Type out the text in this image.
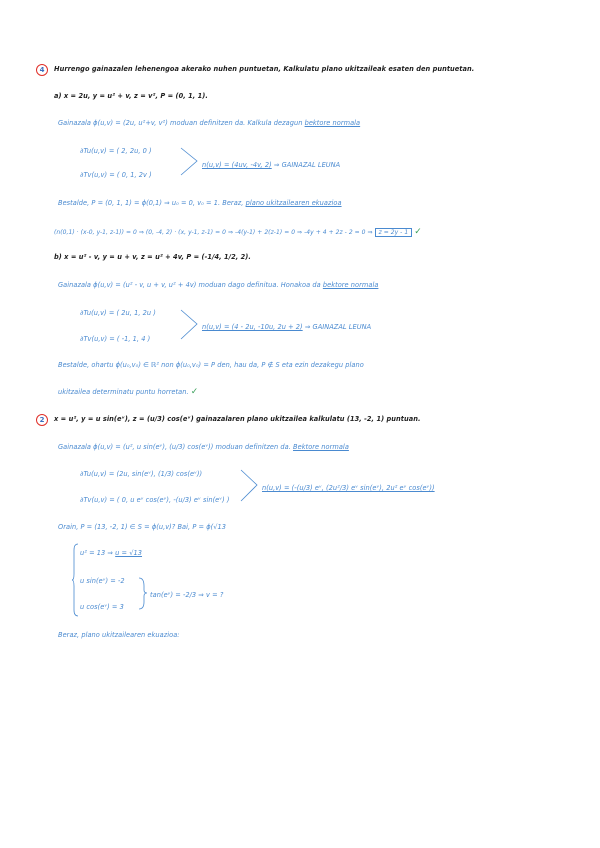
4	Hurrengo gainazalen lehenengoa akerako nuhen puntuetan, Kalkulatu plano ukitzaileak esaten den puntuetan.
a) x = 2u, y = u² + v, z = v², P = (0, 1, 1).
Gainazala ϕ(u,v) = (2u, u²+v, v²) moduan definitzen da. Kalkula dezagun bektore normala
∂Tu(u,v) = ( 2, 2u, 0 )
∂Tv(u,v) = ( 0, 1, 2v )
n(u,v) = (4uv, -4v, 2) ⇒ GAINAZAL LEUNA
Bestalde, P = (0, 1, 1) = ϕ(0,1) ⇒ u₀ = 0, v₀ = 1. Beraz, plano ukitzailearen ekuazioa
(n(0,1) · (x-0, y-1, z-1)) = 0 ⇒ (0, -4, 2) · (x, y-1, z-1) = 0 ⇒ -4(y-1) + 2(z-1) = 0 ⇒ -4y + 4 + 2z - 2 = 0 ⇒ z = 2y - 1 ✓
b) x = u² - v, y = u + v, z = u² + 4v, P = (-1/4, 1/2, 2).
Gainazala ϕ(u,v) = (u² - v, u + v, u² + 4v) moduan dago definitua. Honakoa da bektore normala
∂Tu(u,v) = ( 2u, 1, 2u )
∂Tv(u,v) = ( -1, 1, 4 )
n(u,v) = (4 - 2u, -10u, 2u + 2) ⇒ GAINAZAL LEUNA
Bestalde, ohartu ϕ(u₀,v₀) ∈ ℝ² non ϕ(u₀,v₀) = P den, hau da, P ∉ S eta ezin dezakegu plano
ukitzailea determinatu puntu horretan. ✓
2	x = u², y = u sin(eᵛ), z = (u/3) cos(eᵛ) gainazalaren plano ukitzailea kalkulatu (13, -2, 1) puntuan.
Gainazala ϕ(u,v) = (u², u sin(eᵛ), (u/3) cos(eᵛ)) moduan definitzen da. Bektore normala
∂Tu(u,v) = (2u, sin(eᵛ), (1/3) cos(eᵛ))
∂Tv(u,v) = ( 0, u eᵛ cos(eᵛ), -(u/3) eᵛ sin(eᵛ) )
n(u,v) = (-(u/3) eᵛ, (2u²/3) eᵛ sin(eᵛ), 2u² eᵛ cos(eᵛ))
Orain, P = (13, -2, 1) ∈ S = ϕ(u,v)? Bai, P = ϕ(√13
u² = 13 ⇒ u = √13
u sin(eᵛ) = -2
u cos(eᵛ) = 3
tan(eᵛ) = -2/3 ⇒ v = ?
Beraz, plano ukitzailearen ekuazioa:
